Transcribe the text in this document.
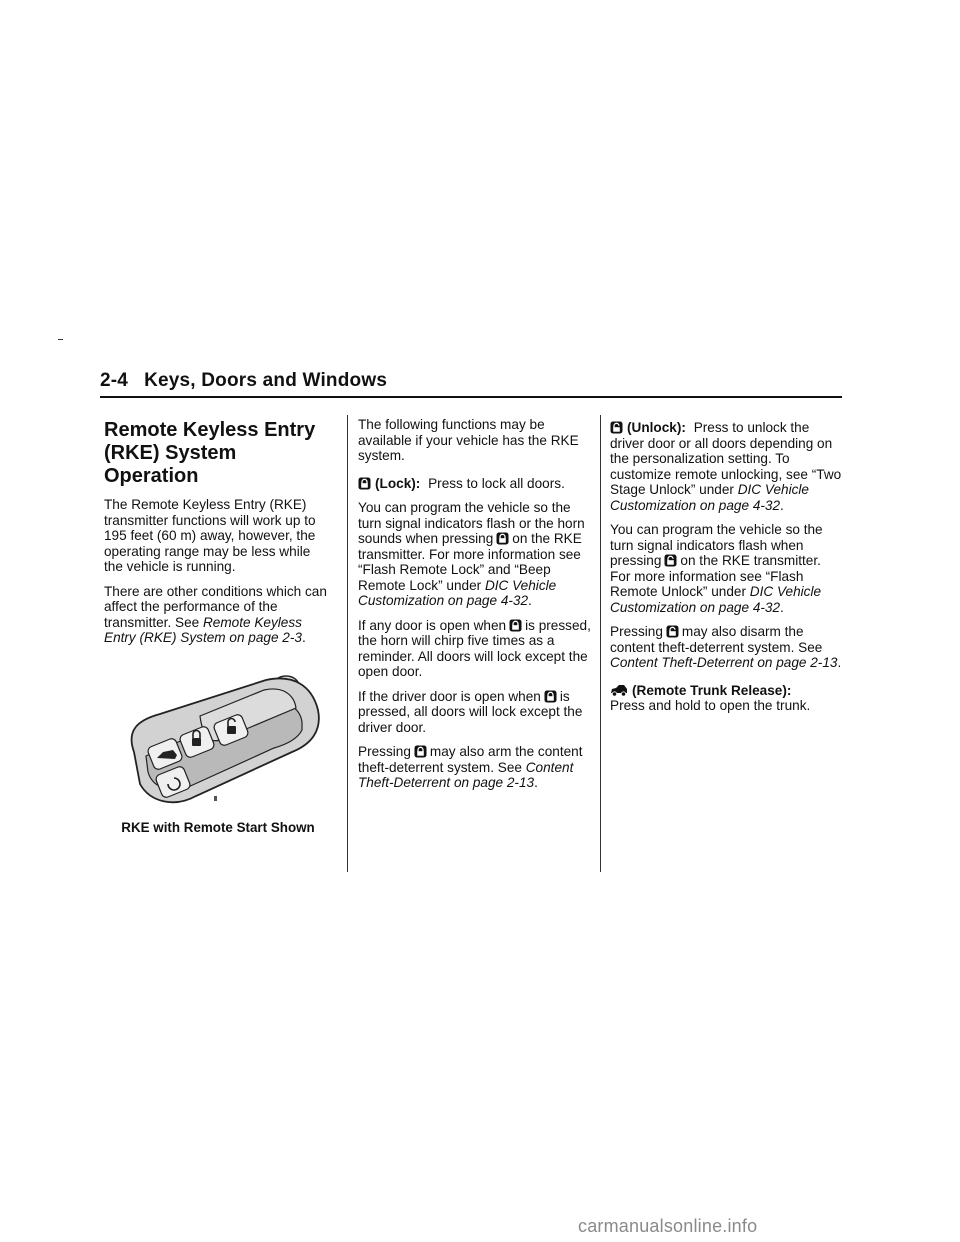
2-4 Keys, Doors and Windows
Remote Keyless Entry (RKE) System Operation

The Remote Keyless Entry (RKE) transmitter functions will work up to 195 feet (60 m) away, however, the operating range may be less while the vehicle is running.

There are other conditions which can affect the performance of the transmitter. See Remote Keyless Entry (RKE) System on page 2-3.

RKE with Remote Start Shown

The following functions may be available if your vehicle has the RKE system.

(Lock): Press to lock all doors.

You can program the vehicle so the turn signal indicators flash or the horn sounds when pressing on the RKE transmitter. For more information see “Flash Remote Lock” and “Beep Remote Lock” under DIC Vehicle Customization on page 4-32.

If any door is open when is pressed, the horn will chirp five times as a reminder. All doors will lock except the open door.

If the driver door is open when is pressed, all doors will lock except the driver door.

Pressing may also arm the content theft-deterrent system. See Content Theft-Deterrent on page 2-13.

(Unlock): Press to unlock the driver door or all doors depending on the personalization setting. To customize remote unlocking, see “Two Stage Unlock” under DIC Vehicle Customization on page 4-32.

You can program the vehicle so the turn signal indicators flash when pressing on the RKE transmitter. For more information see “Flash Remote Unlock” under DIC Vehicle Customization on page 4-32.

Pressing may also disarm the content theft-deterrent system. See Content Theft-Deterrent on page 2-13.

(Remote Trunk Release):
Press and hold to open the trunk.

carmanualsonline.info
